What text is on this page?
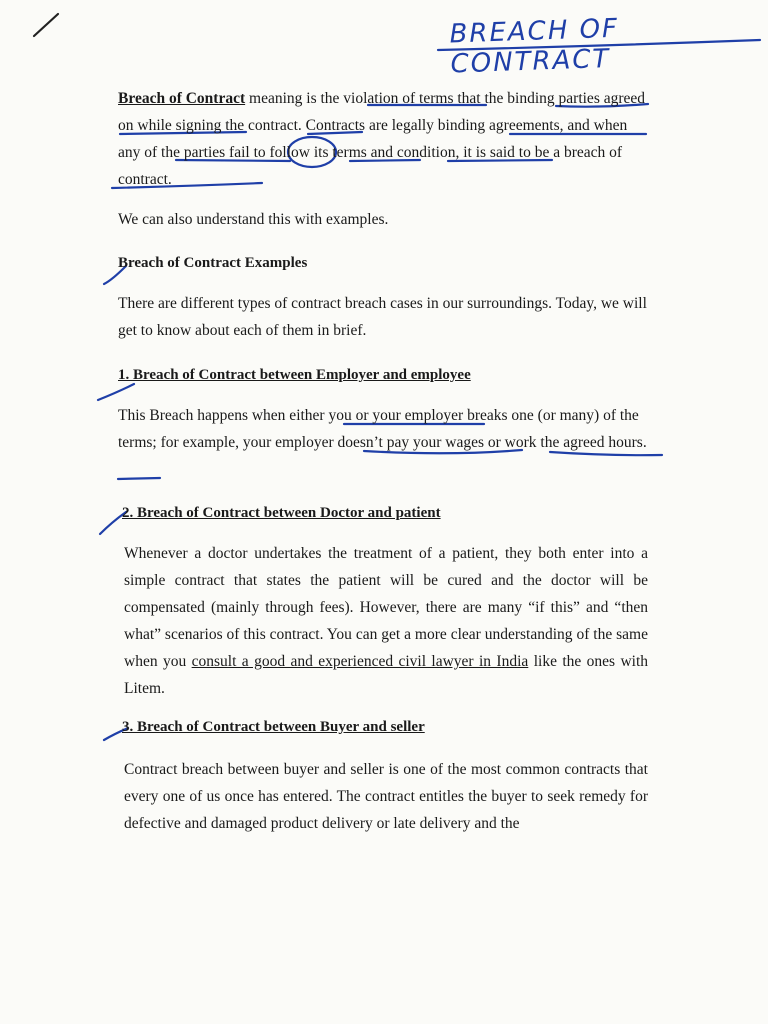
BREACH OF CONTRACT

Breach of Contract meaning is the violation of terms that the binding parties agreed on while signing the contract. Contracts are legally binding agreements, and when any of the parties fail to follow its terms and condition, it is said to be a breach of contract.

We can also understand this with examples.

Breach of Contract Examples

There are different types of contract breach cases in our surroundings. Today, we will get to know about each of them in brief.

1. Breach of Contract between Employer and employee

This Breach happens when either you or your employer breaks one (or many) of the terms; for example, your employer doesn’t pay your wages or work the agreed hours.

2. Breach of Contract between Doctor and patient

Whenever a doctor undertakes the treatment of a patient, they both enter into a simple contract that states the patient will be cured and the doctor will be compensated (mainly through fees). However, there are many “if this” and “then what” scenarios of this contract. You can get a more clear understanding of the same when you consult a good and experienced civil lawyer in India like the ones with Litem.

3. Breach of Contract between Buyer and seller

Contract breach between buyer and seller is one of the most common contracts that every one of us once has entered. The contract entitles the buyer to seek remedy for defective and damaged product delivery or late delivery and the
